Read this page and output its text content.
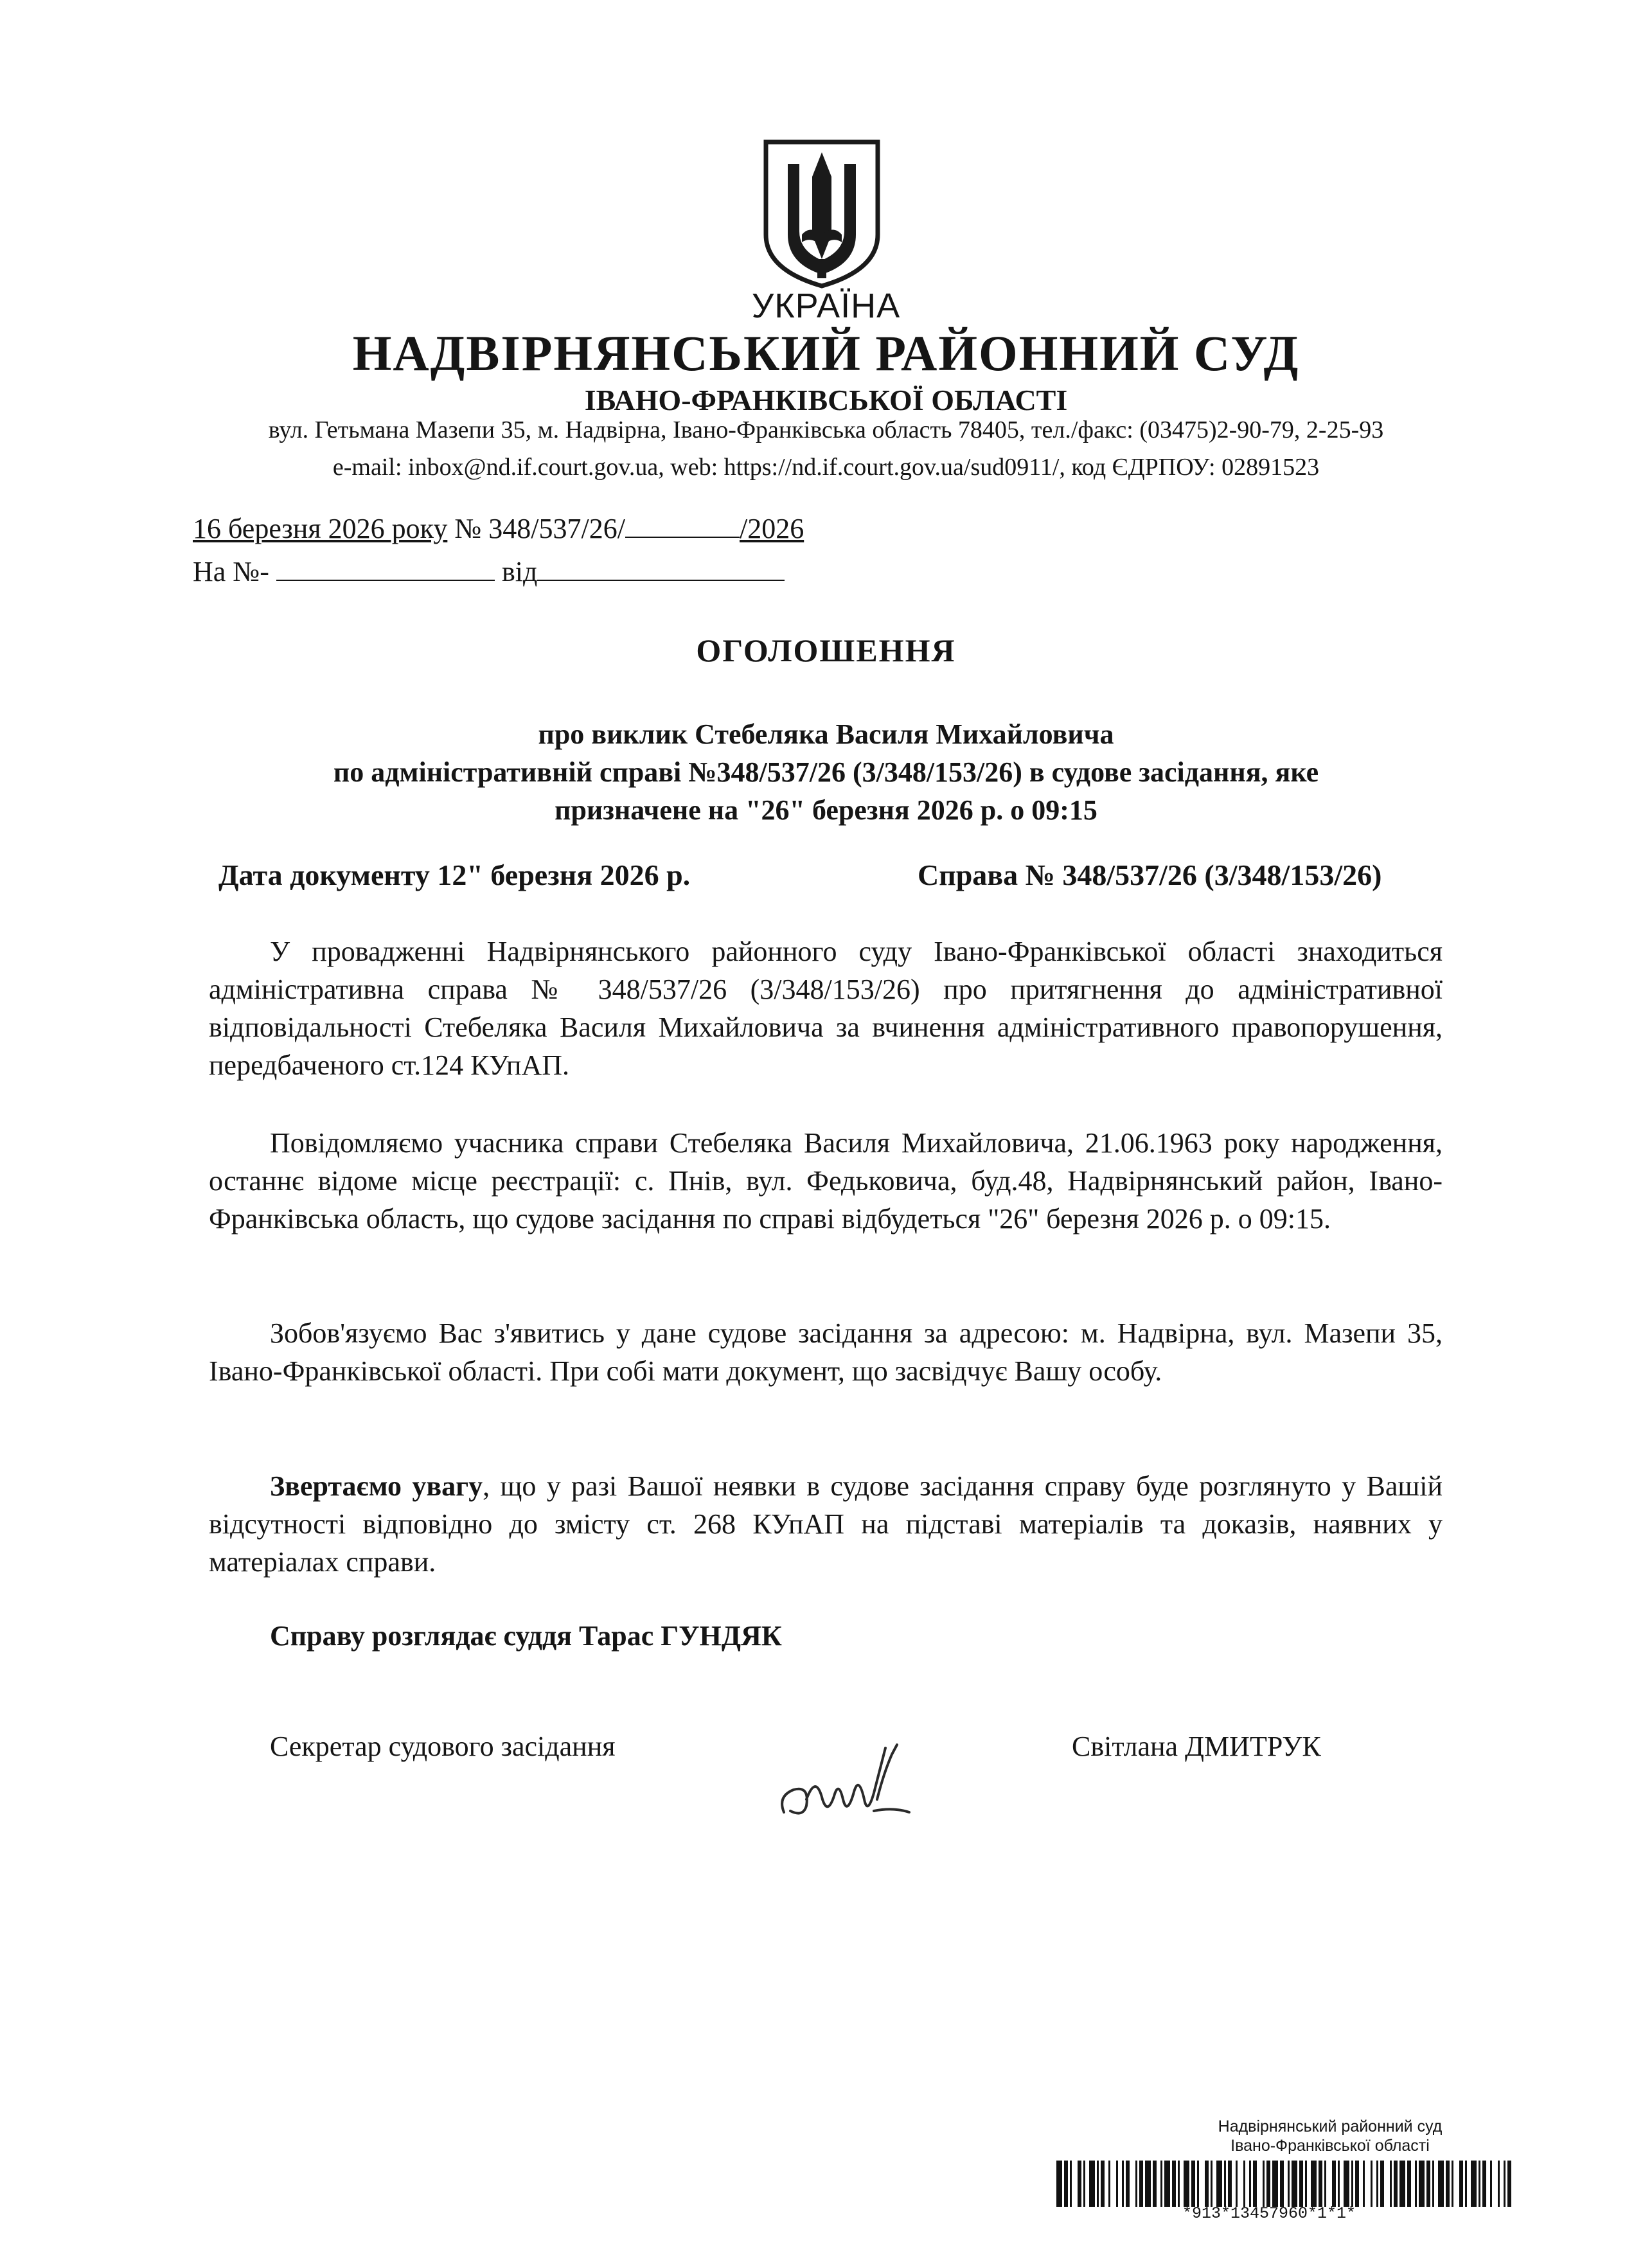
УКРАЇНА
НАДВІРНЯНСЬКИЙ РАЙОННИЙ СУД
ІВАНО-ФРАНКІВСЬКОЇ ОБЛАСТІ
вул. Гетьмана Мазепи 35, м. Надвірна, Івано-Франківська область 78405, тел./факс: (03475)2-90-79, 2-25-93
e-mail: inbox@nd.if.court.gov.ua, web: https://nd.if.court.gov.ua/sud0911/, код ЄДРПОУ: 02891523
16 березня 2026 року № 348/537/26/	/2026
На №-	від
ОГОЛОШЕННЯ
про виклик Стебеляка Василя Михайловича
по адміністративній справі №348/537/26 (3/348/153/26) в судове засідання, яке
призначене на "26" березня 2026 р. о 09:15
Дата документу 12" березня 2026 р.	Справа № 348/537/26 (3/348/153/26)
У провадженні Надвірнянського районного суду Івано-Франківської області знаходиться адміністративна справа № 348/537/26 (3/348/153/26) про притягнення до адміністративної відповідальності Стебеляка Василя Михайловича за вчинення адміністративного правопорушення, передбаченого ст.124 КУпАП.
Повідомляємо учасника справи Стебеляка Василя Михайловича, 21.06.1963 року народження, останнє відоме місце реєстрації: с. Пнів, вул. Федьковича, буд.48, Надвірнянський район, Івано-Франківська область, що судове засідання по справі відбудеться "26" березня 2026 р. о 09:15.
Зобов'язуємо Вас з'явитись у дане судове засідання за адресою: м. Надвірна, вул. Мазепи 35, Івано-Франківської області. При собі мати документ, що засвідчує Вашу особу.
Звертаємо увагу, що у разі Вашої неявки в судове засідання справу буде розглянуто у Вашій відсутності відповідно до змісту ст. 268 КУпАП на підставі матеріалів та доказів, наявних у матеріалах справи.
Справу розглядає суддя Тарас ГУНДЯК
Секретар судового засідання	Світлана ДМИТРУК
Надвірнянський районний суд
Івано-Франківської області
*913*13457960*1*1*
